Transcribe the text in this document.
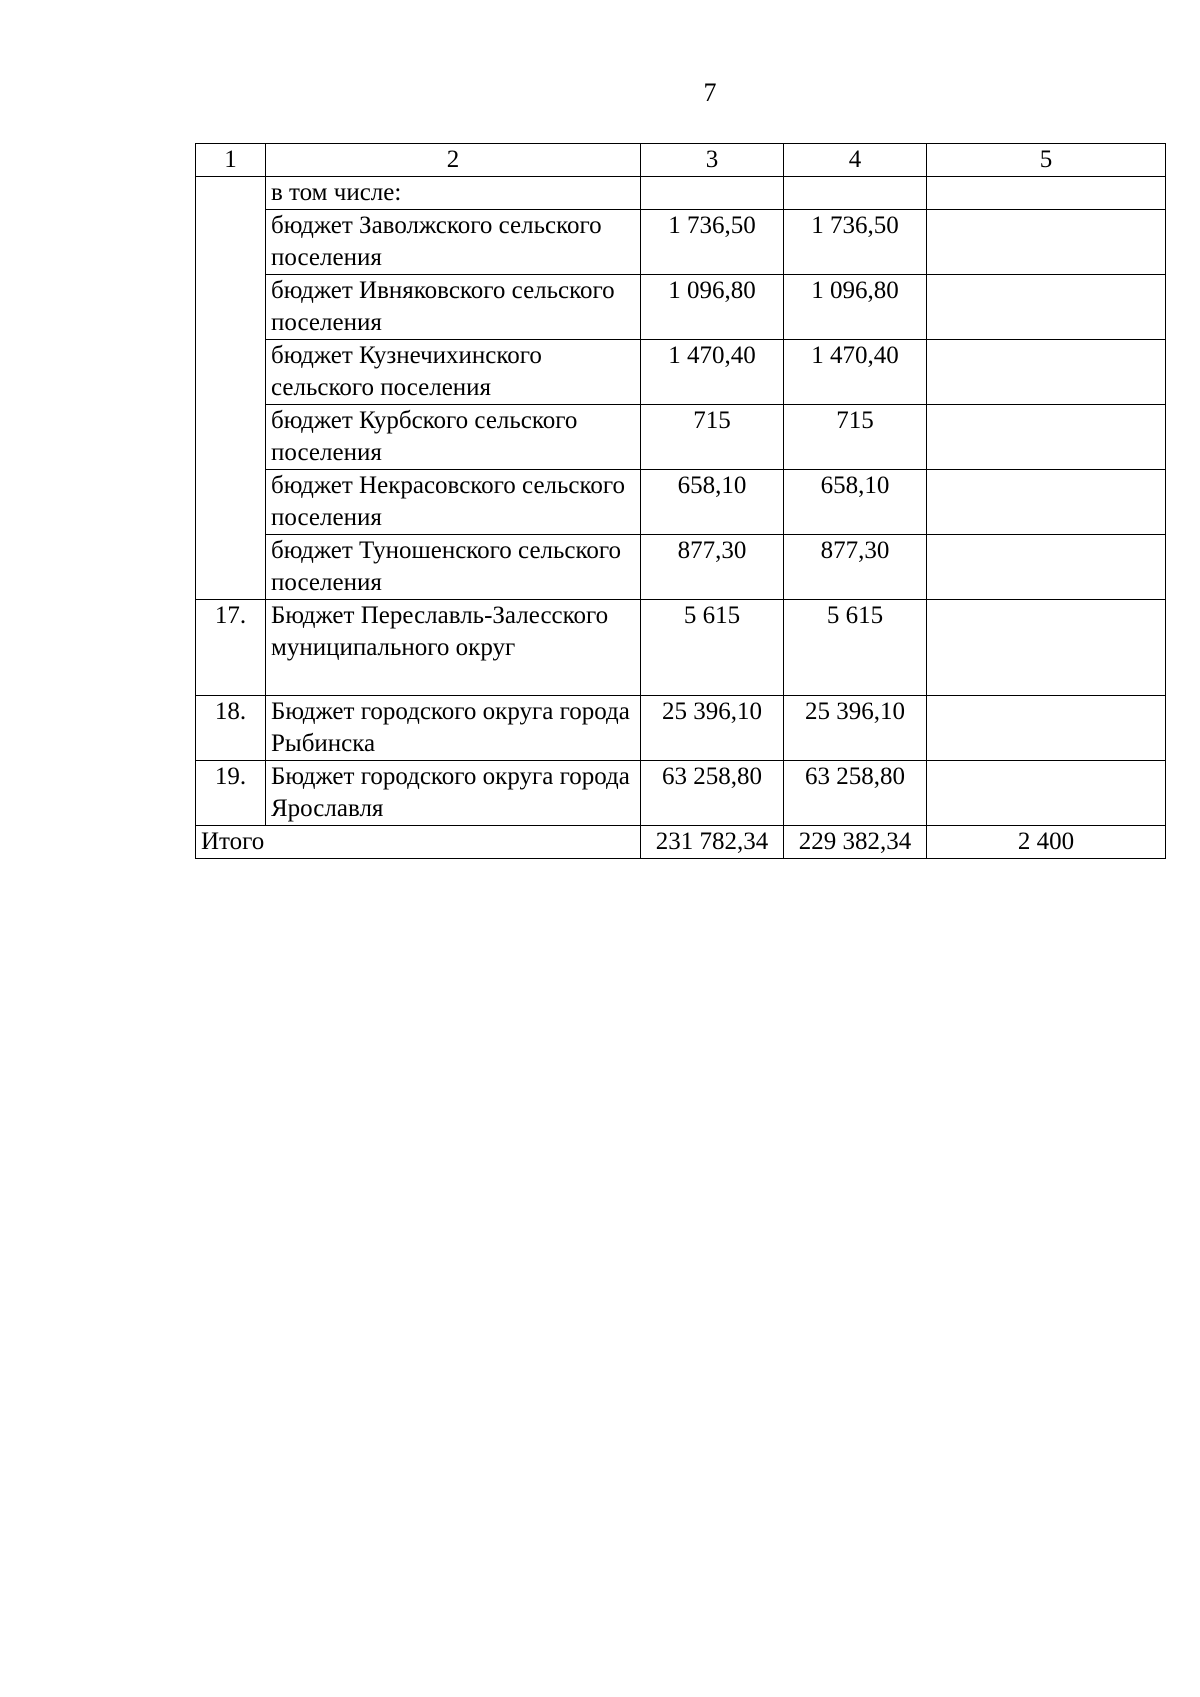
7
1	2	3	4	5
	в том числе:			
	бюджет Заволжского сельского поселения	1 736,50	1 736,50	
	бюджет Ивняковского сельского поселения	1 096,80	1 096,80	
	бюджет Кузнечихинского сельского поселения	1 470,40	1 470,40	
	бюджет Курбского сельского поселения	715	715	
	бюджет Некрасовского сельского поселения	658,10	658,10	
	бюджет Туношенского сельского поселения	877,30	877,30	
17.	Бюджет Переславль-Залесского муниципального округ	5 615	5 615	
18.	Бюджет городского округа города Рыбинска	25 396,10	25 396,10	
19.	Бюджет городского округа города Ярославля	63 258,80	63 258,80	
Итого		231 782,34	229 382,34	2 400
